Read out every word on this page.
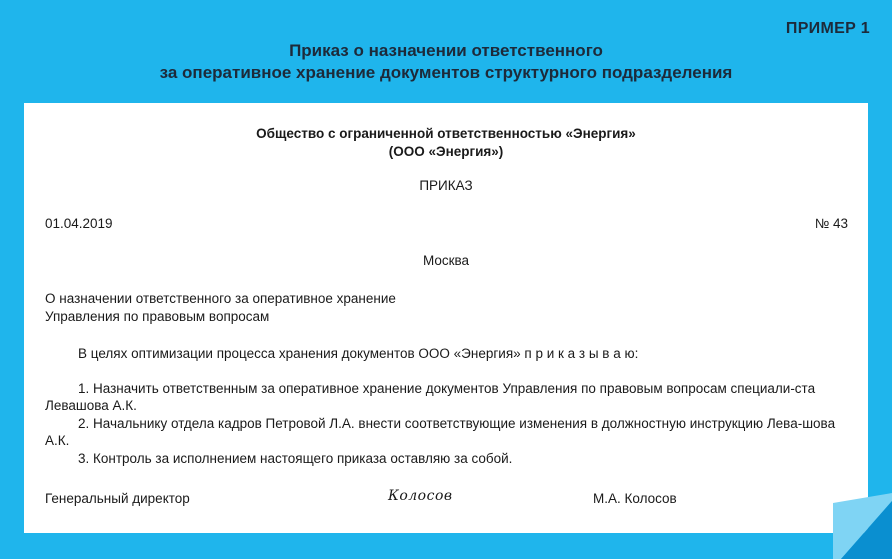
ПРИМЕР 1
Приказ о назначении ответственного
за оперативное хранение документов структурного подразделения
Общество с ограниченной ответственностью «Энергия»
(ООО «Энергия»)
ПРИКАЗ
01.04.2019	№ 43
Москва
О назначении ответственного за оперативное хранение
Управления по правовым вопросам

В целях оптимизации процесса хранения документов ООО «Энергия» п р и к а з ы в а ю:

1. Назначить ответственным за оперативное хранение документов Управления по правовым вопросам специали-ста Левашова А.К.

2. Начальнику отдела кадров Петровой Л.А. внести соответствующие изменения в должностную инструкцию Лева-шова А.К.

3. Контроль за исполнением настоящего приказа оставляю за собой.

Генеральный директор	Колосов	М.А. Колосов
